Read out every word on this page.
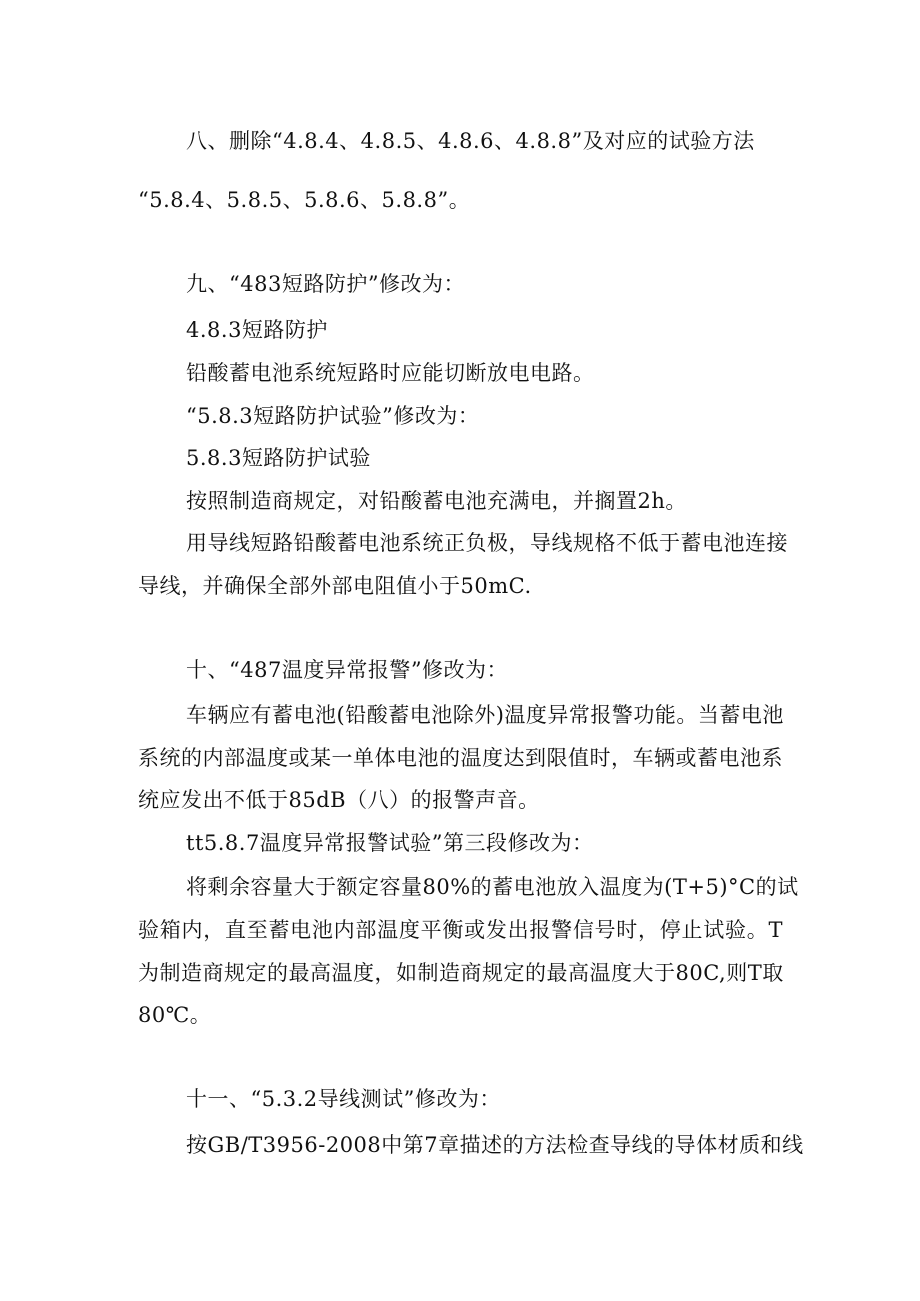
八、删除“4.8.4、4.8.5、4.8.6、4.8.8”及对应的试验方法

“5.8.4、5.8.5、5.8.6、5.8.8”。

九、“483短路防护”修改为：

4.8.3短路防护

铅酸蓄电池系统短路时应能切断放电电路。

“5.8.3短路防护试验”修改为：

5.8.3短路防护试验

按照制造商规定，对铅酸蓄电池充满电，并搁置2h。

用导线短路铅酸蓄电池系统正负极，导线规格不低于蓄电池连接

导线，并确保全部外部电阻值小于50mC.

十、“487温度异常报警”修改为：

车辆应有蓄电池(铅酸蓄电池除外)温度异常报警功能。当蓄电池

系统的内部温度或某一单体电池的温度达到限值时，车辆或蓄电池系

统应发出不低于85dB（八）的报警声音。

tt5.8.7温度异常报警试验”第三段修改为：

将剩余容量大于额定容量80%的蓄电池放入温度为(T+5)°C的试

验箱内，直至蓄电池内部温度平衡或发出报警信号时，停止试验。T

为制造商规定的最高温度，如制造商规定的最高温度大于80C,则T取

80℃。

十一、“5.3.2导线测试”修改为：

按GB/T3956-2008中第7章描述的方法检查导线的导体材质和线
